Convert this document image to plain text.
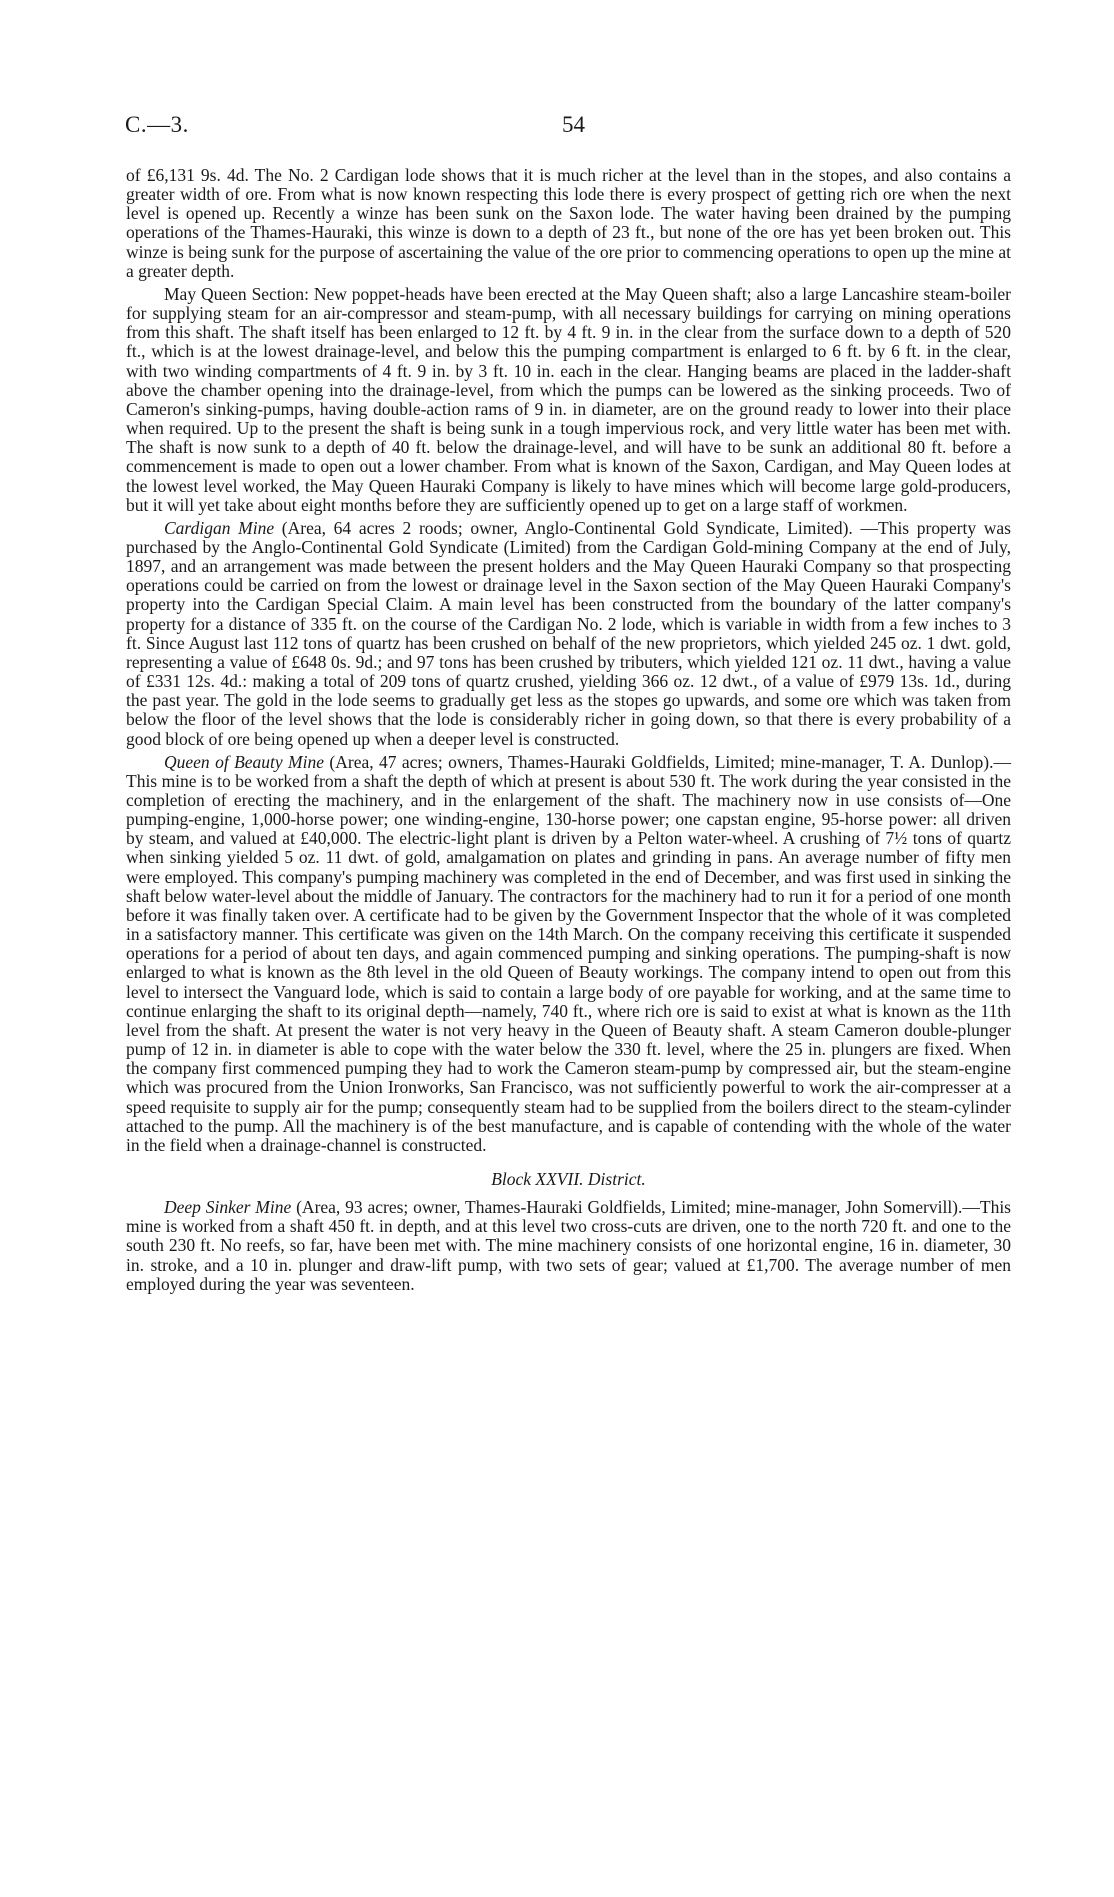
C.—3.	54

of £6,131 9s. 4d. The No. 2 Cardigan lode shows that it is much richer at the level than in the stopes, and also contains a greater width of ore. From what is now known respecting this lode there is every prospect of getting rich ore when the next level is opened up. Recently a winze has been sunk on the Saxon lode. The water having been drained by the pumping operations of the Thames-Hauraki, this winze is down to a depth of 23 ft., but none of the ore has yet been broken out. This winze is being sunk for the purpose of ascertaining the value of the ore prior to commencing operations to open up the mine at a greater depth.

May Queen Section: New poppet-heads have been erected at the May Queen shaft; also a large Lancashire steam-boiler for supplying steam for an air-compressor and steam-pump, with all necessary buildings for carrying on mining operations from this shaft. The shaft itself has been enlarged to 12 ft. by 4 ft. 9 in. in the clear from the surface down to a depth of 520 ft., which is at the lowest drainage-level, and below this the pumping compartment is enlarged to 6 ft. by 6 ft. in the clear, with two winding compartments of 4 ft. 9 in. by 3 ft. 10 in. each in the clear. Hanging beams are placed in the ladder-shaft above the chamber opening into the drainage-level, from which the pumps can be lowered as the sinking proceeds. Two of Cameron's sinking-pumps, having double-action rams of 9 in. in diameter, are on the ground ready to lower into their place when required. Up to the present the shaft is being sunk in a tough impervious rock, and very little water has been met with. The shaft is now sunk to a depth of 40 ft. below the drainage-level, and will have to be sunk an additional 80 ft. before a commencement is made to open out a lower chamber. From what is known of the Saxon, Cardigan, and May Queen lodes at the lowest level worked, the May Queen Hauraki Company is likely to have mines which will become large gold-producers, but it will yet take about eight months before they are sufficiently opened up to get on a large staff of workmen.

Cardigan Mine (Area, 64 acres 2 roods; owner, Anglo-Continental Gold Syndicate, Limited). —This property was purchased by the Anglo-Continental Gold Syndicate (Limited) from the Cardigan Gold-mining Company at the end of July, 1897, and an arrangement was made between the present holders and the May Queen Hauraki Company so that prospecting operations could be carried on from the lowest or drainage level in the Saxon section of the May Queen Hauraki Company's property into the Cardigan Special Claim. A main level has been constructed from the boundary of the latter company's property for a distance of 335 ft. on the course of the Cardigan No. 2 lode, which is variable in width from a few inches to 3 ft. Since August last 112 tons of quartz has been crushed on behalf of the new proprietors, which yielded 245 oz. 1 dwt. gold, representing a value of £648 0s. 9d.; and 97 tons has been crushed by tributers, which yielded 121 oz. 11 dwt., having a value of £331 12s. 4d.: making a total of 209 tons of quartz crushed, yielding 366 oz. 12 dwt., of a value of £979 13s. 1d., during the past year. The gold in the lode seems to gradually get less as the stopes go upwards, and some ore which was taken from below the floor of the level shows that the lode is considerably richer in going down, so that there is every probability of a good block of ore being opened up when a deeper level is constructed.

Queen of Beauty Mine (Area, 47 acres; owners, Thames-Hauraki Goldfields, Limited; mine-manager, T. A. Dunlop).—This mine is to be worked from a shaft the depth of which at present is about 530 ft. The work during the year consisted in the completion of erecting the machinery, and in the enlargement of the shaft. The machinery now in use consists of—One pumping-engine, 1,000-horse power; one winding-engine, 130-horse power; one capstan engine, 95-horse power: all driven by steam, and valued at £40,000. The electric-light plant is driven by a Pelton water-wheel. A crushing of 7½ tons of quartz when sinking yielded 5 oz. 11 dwt. of gold, amalgamation on plates and grinding in pans. An average number of fifty men were employed. This company's pumping machinery was completed in the end of December, and was first used in sinking the shaft below water-level about the middle of January. The contractors for the machinery had to run it for a period of one month before it was finally taken over. A certificate had to be given by the Government Inspector that the whole of it was completed in a satisfactory manner. This certificate was given on the 14th March. On the company receiving this certificate it suspended operations for a period of about ten days, and again commenced pumping and sinking operations. The pumping-shaft is now enlarged to what is known as the 8th level in the old Queen of Beauty workings. The company intend to open out from this level to intersect the Vanguard lode, which is said to contain a large body of ore payable for working, and at the same time to continue enlarging the shaft to its original depth—namely, 740 ft., where rich ore is said to exist at what is known as the 11th level from the shaft. At present the water is not very heavy in the Queen of Beauty shaft. A steam Cameron double-plunger pump of 12 in. in diameter is able to cope with the water below the 330 ft. level, where the 25 in. plungers are fixed. When the company first commenced pumping they had to work the Cameron steam-pump by compressed air, but the steam-engine which was procured from the Union Ironworks, San Francisco, was not sufficiently powerful to work the air-compresser at a speed requisite to supply air for the pump; consequently steam had to be supplied from the boilers direct to the steam-cylinder attached to the pump. All the machinery is of the best manufacture, and is capable of contending with the whole of the water in the field when a drainage-channel is constructed.

Block XXVII. District.

Deep Sinker Mine (Area, 93 acres; owner, Thames-Hauraki Goldfields, Limited; mine-manager, John Somervill).—This mine is worked from a shaft 450 ft. in depth, and at this level two cross-cuts are driven, one to the north 720 ft. and one to the south 230 ft. No reefs, so far, have been met with. The mine machinery consists of one horizontal engine, 16 in. diameter, 30 in. stroke, and a 10 in. plunger and draw-lift pump, with two sets of gear; valued at £1,700. The average number of men employed during the year was seventeen.
